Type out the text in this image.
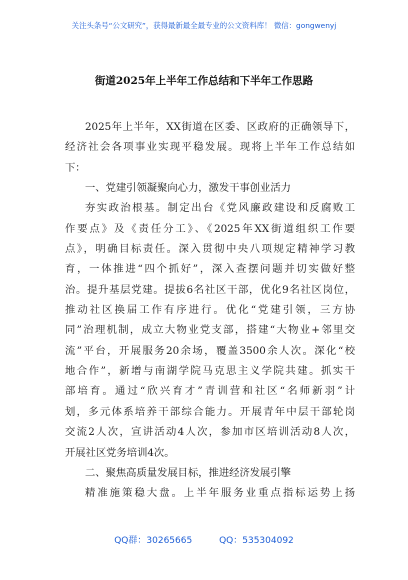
关注头条号“公文研究”，获得最新最全最专业的公文资料库！ 微信：gongwenyj
街道2025年上半年工作总结和下半年工作思路
2025年上半年，XX街道在区委、区政府的正确领导下，
经济社会各项事业实现平稳发展。现将上半年工作总结如
下：
一、党建引领凝聚向心力，激发干事创业活力
夯实政治根基。制定出台《党风廉政建设和反腐败工
作要点》及《责任分工》、《2025年XX街道组织工作要
点》，明确目标责任。深入贯彻中央八项规定精神学习教
育，一体推进“四个抓好”，深入查摆问题并切实做好整
治。提升基层党建。提拔6名社区干部，优化9名社区岗位，
推动社区换届工作有序进行。优化“党建引领，三方协
同”治理机制，成立大物业党支部，搭建“大物业+邻里交
流”平台，开展服务20余场，覆盖3500余人次。深化“校
地合作”，新增与南湖学院马克思主义学院共建。抓实干
部培育。通过“欣兴育才”青训营和社区“名师新羽”计
划，多元体系培养干部综合能力。开展青年中层干部轮岗
交流2人次，宣讲活动4人次，参加市区培训活动8人次，
开展社区党务培训4次。
二、聚焦高质量发展目标，推进经济发展引擎
精准施策稳大盘。上半年服务业重点指标运势上扬
QQ群：30265665	QQ：535304092
